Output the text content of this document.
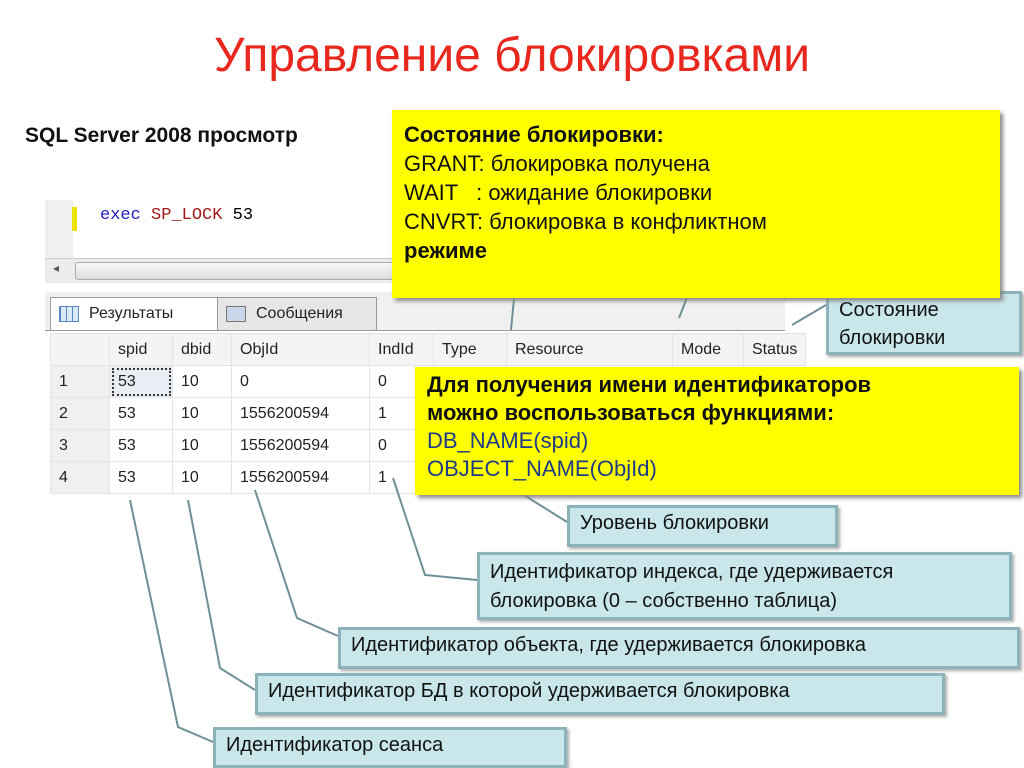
Управление блокировками
SQL Server 2008 просмотр
exec SP_LOCK 53
◂
Результаты	Сообщения
	spid	dbid	ObjId	IndId	Type	Resource	Mode	Status
1	53	10	0	0				
2	53	10	1556200594	1				
3	53	10	1556200594	0				
4	53	10	1556200594	1				
Состояние
блокировки
Состояние блокировки:
GRANT: блокировка получена
WAIT   : ожидание блокировки
CNVRT: блокировка в конфликтном
режиме
Для получения имени идентификаторов
можно воспользоваться функциями:
DB_NAME(spid)
OBJECT_NAME(ObjId)
Уровень блокировки
Идентификатор индекса, где удерживается
блокировка (0 – собственно таблица)
Идентификатор объекта, где удерживается блокировка
Идентификатор БД в которой удерживается блокировка
Идентификатор сеанса
